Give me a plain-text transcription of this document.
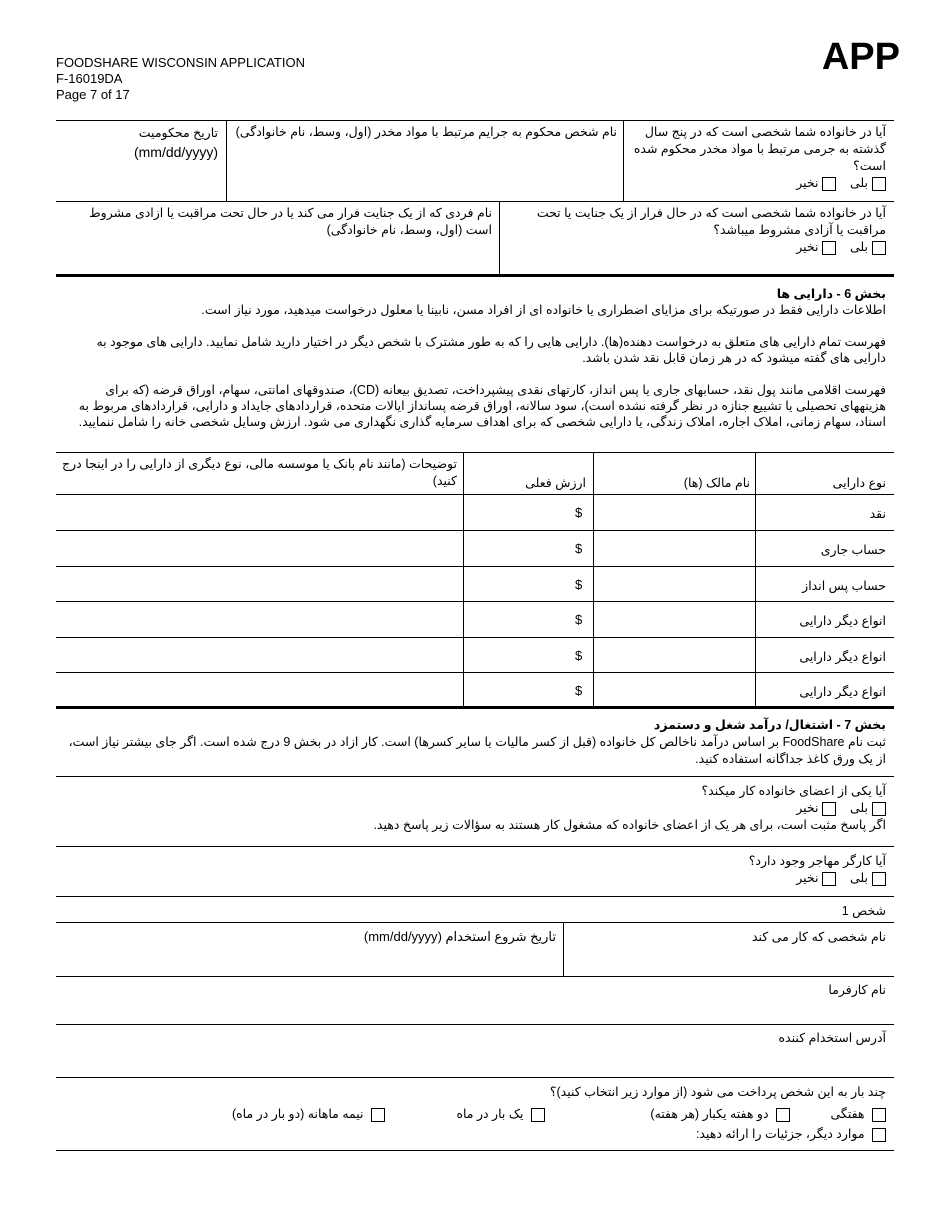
FOODSHARE WISCONSIN APPLICATION
F-16019DA
Page 7 of 17
APP
آیا در خانواده شما شخصی است که در پنج سال گذشته به جرمی مرتبط با مواد مخدر محکوم شده است؟
بلی نخیر
نام شخص محکوم به جرایم مرتبط با مواد مخدر (اول، وسط، نام خانوادگی)
تاریخ محکومیت
(mm/dd/yyyy)
آیا در خانواده شما شخصی است که در حال فرار از یک جنایت یا تحت مراقبت یا آزادی مشروط میباشد؟
بلی نخیر
نام فردی که از یک جنایت فرار می کند یا در حال تحت مراقبت یا ازادی مشروط است (اول، وسط، نام خانوادگی)

بخش 6 - دارایی ها

اطلاعات دارایی فقط در صورتیکه برای مزایای اضطراری یا خانواده ای از افراد مسن، نابینا یا معلول درخواست میدهید، مورد نیاز است.

فهرست تمام دارایی های متعلق به درخواست دهنده(ها). دارایی هایی را که به طور مشترک با شخص دیگر در اختیار دارید شامل نمایید. دارایی های موجود به دارایی های گفته میشود که در هر زمان قابل نقد شدن باشد.

فهرست اقلامی مانند پول نقد، حسابهای جاری یا پس انداز، کارتهای نقدی پیشپرداخت، تصدیق بیعانه (CD)، صندوقهای امانتی، سهام، اوراق قرضه (که برای هزینههای تحصیلی یا تشییع جنازه در نظر گرفته نشده است)، سود سالانه، اوراق قرضه پسانداز ایالات متحده، قراردادهای جایداد و دارایی، قراردادهای مربوط به اسناد، سهام زمانی، املاک اجاره، املاک زندگی، یا دارایی شخصی که برای اهداف سرمایه گذاری نگهداری می شود. ارزش وسایل شخصی خانه را شامل ننمایید.

نوع دارایی
نام مالک (ها)
ارزش فعلی
توضیحات (مانند نام بانک یا موسسه مالی، نوع دیگری از دارایی را در اینجا درج کنید)
نقد
$
حساب جاری
$
حساب پس انداز
$
انواع دیگر دارایی
$
انواع دیگر دارایی
$
انواع دیگر دارایی
$

بخش 7 - اشتغال/ درآمد شغل و دستمزد

ثبت نام FoodShare بر اساس درآمد ناخالص کل خانواده (قبل از کسر مالیات یا سایر کسرها) است. کار ازاد در بخش 9 درج شده است. اگر جای بیشتر نیاز است، از یک ورق کاغذ جداگانه استفاده کنید.

آیا یکی از اعضای خانواده کار میکند؟
بلی نخیر
اگر پاسخ مثبت است، برای هر یک از اعضای خانواده که مشغول کار هستند به سؤالات زیر پاسخ دهید.
آیا کارگر مهاجر وجود دارد؟
بلی نخیر
شخص 1
نام شخصی که کار می کند
تاریخ شروع استخدام (mm/dd/yyyy)
نام کارفرما
آدرس استخدام کننده
چند بار به این شخص پرداخت می شود (از موارد زیر انتخاب کنید)؟
هفتگی
دو هفته یکبار (هر هفته)
یک بار در ماه
نیمه ماهانه (دو بار در ماه)
موارد دیگر، جزئیات را ارائه دهید:
